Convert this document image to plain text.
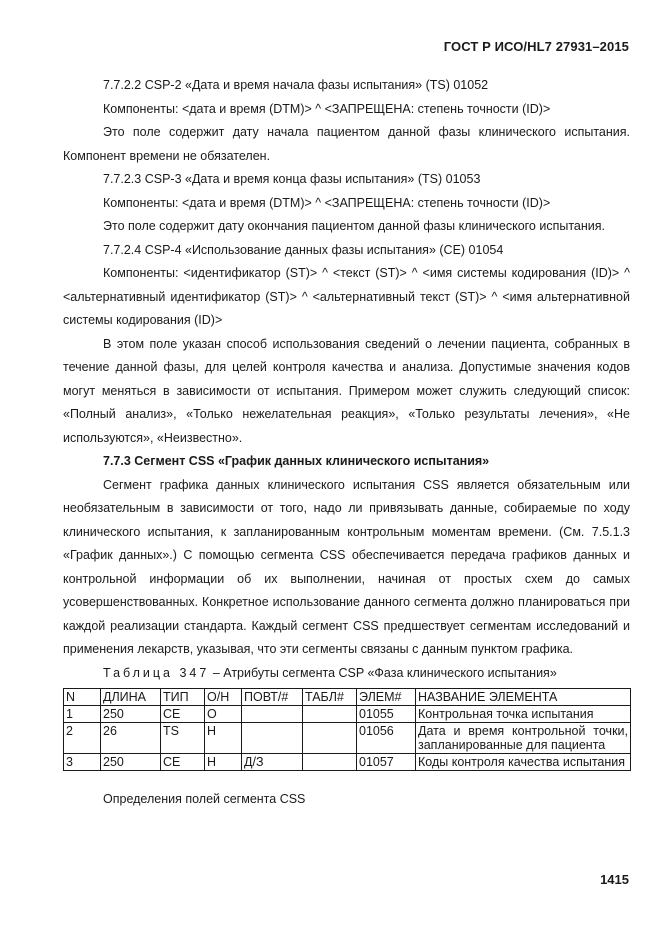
ГОСТ Р ИСО/HL7 27931–2015

7.7.2.2 CSP-2 «Дата и время начала фазы испытания» (TS) 01052

Компоненты: <дата и время (DTM)> ^ <ЗАПРЕЩЕНА: степень точности (ID)>

Это поле содержит дату начала пациентом данной фазы клинического испытания. Компонент времени не обязателен.

7.7.2.3 CSP-3 «Дата и время конца фазы испытания» (TS) 01053

Компоненты: <дата и время (DTM)> ^ <ЗАПРЕЩЕНА: степень точности (ID)>

Это поле содержит дату окончания пациентом данной фазы клинического испытания.

7.7.2.4 CSP-4 «Использование данных фазы испытания» (CE) 01054

Компоненты: <идентификатор (ST)> ^ <текст (ST)> ^ <имя системы кодирования (ID)> ^ <альтернативный идентификатор (ST)> ^ <альтернативный текст (ST)> ^ <имя альтернативной системы кодирования (ID)>

В этом поле указан способ использования сведений о лечении пациента, собранных в течение данной фазы, для целей контроля качества и анализа. Допустимые значения кодов могут меняться в зависимости от испытания. Примером может служить следующий список: «Полный анализ», «Только нежелательная реакция», «Только результаты лечения», «Не используются», «Неизвестно».

7.7.3 Сегмент CSS «График данных клинического испытания»

Сегмент графика данных клинического испытания CSS является обязательным или необязательным в зависимости от того, надо ли привязывать данные, собираемые по ходу клинического испытания, к запланированным контрольным моментам времени. (См. 7.5.1.3 «График данных».) С помощью сегмента CSS обеспечивается передача графиков данных и контрольной информации об их выполнении, начиная от простых схем до самых усовершенствованных. Конкретное использование данного сегмента должно планироваться при каждой реализации стандарта. Каждый сегмент CSS предшествует сегментам исследований и применения лекарств, указывая, что эти сегменты связаны с данным пунктом графика.

Таблица 347 – Атрибуты сегмента CSP «Фаза клинического испытания»

N	ДЛИНА	ТИП	О/Н	ПОВТ/#	ТАБЛ#	ЭЛЕМ#	НАЗВАНИЕ ЭЛЕМЕНТА
1	250	CE	O			01055	Контрольная точка испытания
2	26	TS	Н			01056	Дата и время контрольной точки, запланированные для пациента
3	250	CE	Н	Д/З		01057	Коды контроля качества испытания

Определения полей сегмента CSS

1415
